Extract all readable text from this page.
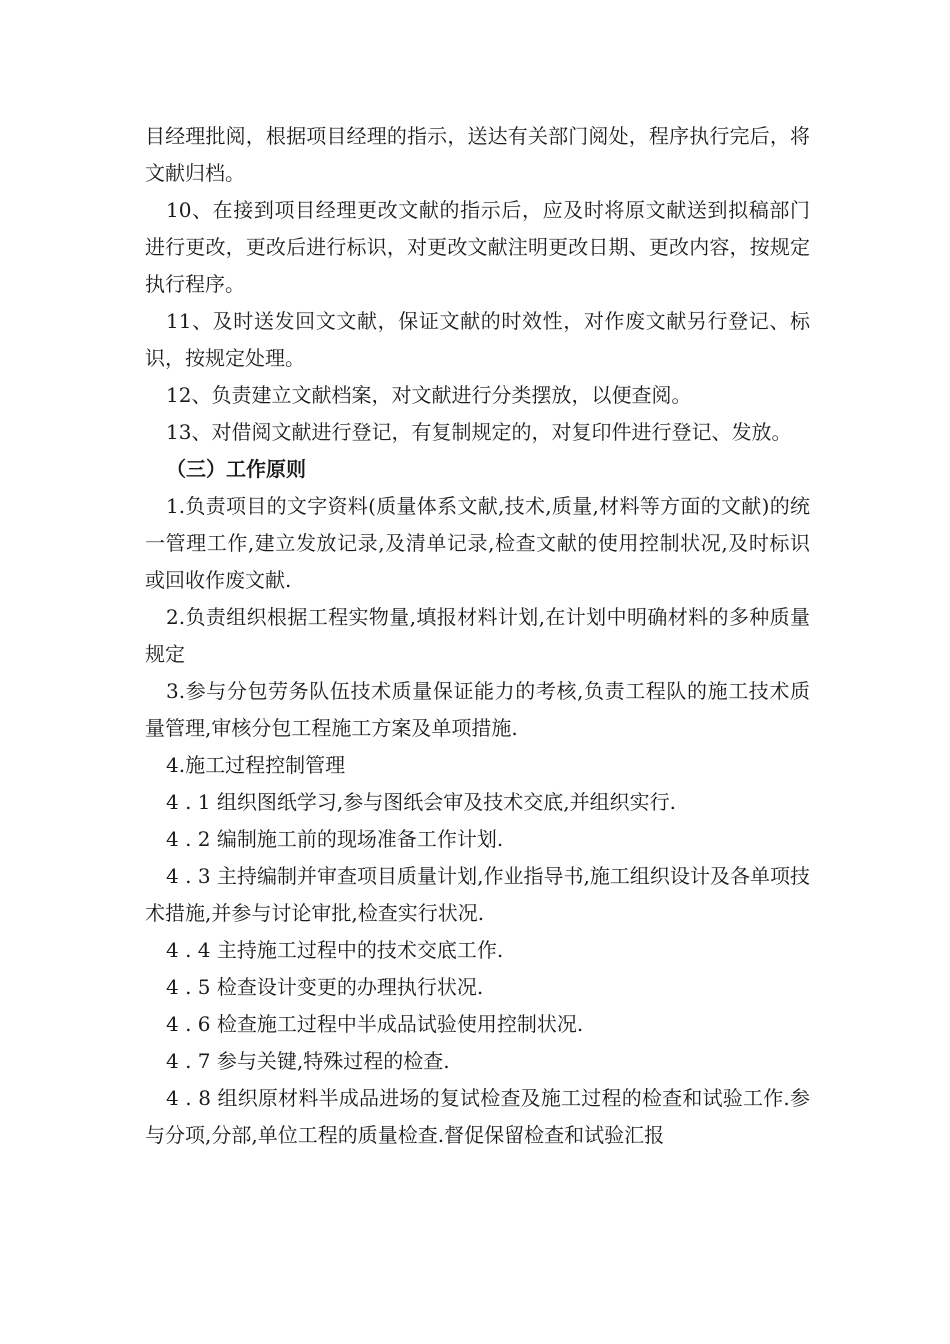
目经理批阅，根据项目经理的指示，送达有关部门阅处，程序执行完后，将文献归档。

10、在接到项目经理更改文献的指示后，应及时将原文献送到拟稿部门进行更改，更改后进行标识，对更改文献注明更改日期、更改内容，按规定执行程序。

11、及时送发回文文献，保证文献的时效性，对作废文献另行登记、标识，按规定处理。

12、负责建立文献档案，对文献进行分类摆放，以便查阅。

13、对借阅文献进行登记，有复制规定的，对复印件进行登记、发放。

（三）工作原则

1.负责项目的文字资料(质量体系文献,技术,质量,材料等方面的文献)的统一管理工作,建立发放记录,及清单记录,检查文献的使用控制状况,及时标识或回收作废文献.

2.负责组织根据工程实物量,填报材料计划,在计划中明确材料的多种质量规定

3.参与分包劳务队伍技术质量保证能力的考核,负责工程队的施工技术质量管理,审核分包工程施工方案及单项措施.

4.施工过程控制管理

4 . 1 组织图纸学习,参与图纸会审及技术交底,并组织实行.

4 . 2 编制施工前的现场准备工作计划.

4 . 3 主持编制并审查项目质量计划,作业指导书,施工组织设计及各单项技术措施,并参与讨论审批,检查实行状况.

4 . 4 主持施工过程中的技术交底工作.

4 . 5 检查设计变更的办理执行状况.

4 . 6 检查施工过程中半成品试验使用控制状况.

4 . 7 参与关键,特殊过程的检查.

4 . 8 组织原材料半成品进场的复试检查及施工过程的检查和试验工作.参与分项,分部,单位工程的质量检查.督促保留检查和试验汇报
